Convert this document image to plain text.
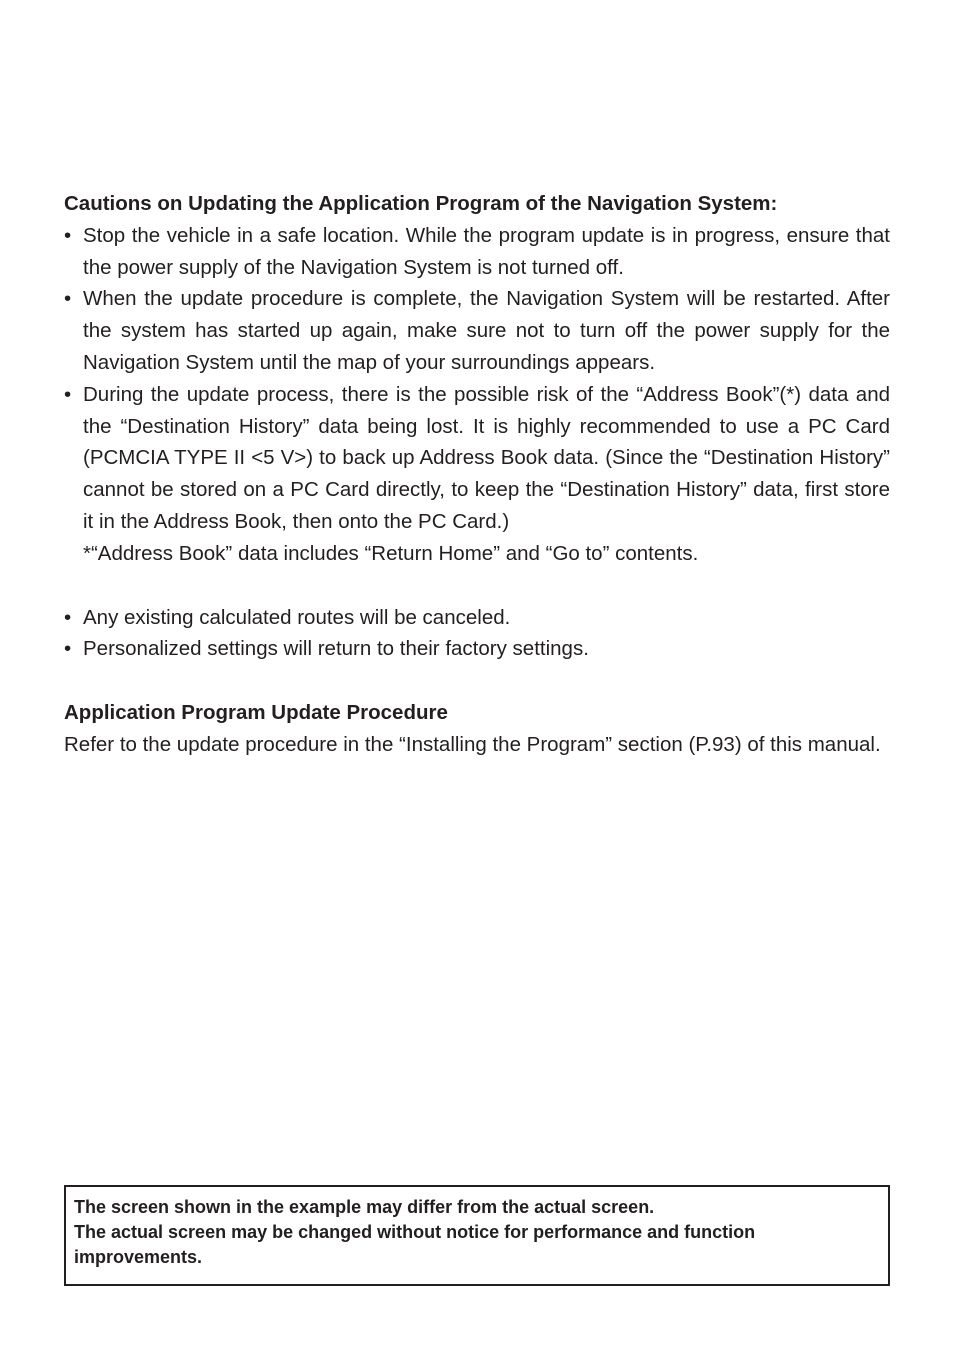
Cautions on Updating the Application Program of the Navigation System:

• Stop the vehicle in a safe location. While the program update is in progress, ensure that the power supply of the Navigation System is not turned off.
• When the update procedure is complete, the Navigation System will be restarted. After the system has started up again, make sure not to turn off the power supply for the Navigation System until the map of your surroundings appears.
• During the update process, there is the possible risk of the “Address Book”(*) data and the “Destination History” data being lost. It is highly recommended to use a PC Card (PCMCIA TYPE II <5 V>) to back up Address Book data. (Since the “Destination History” cannot be stored on a PC Card directly, to keep the “Destination History” data, first store it in the Address Book, then onto the PC Card.)
*“Address Book” data includes “Return Home” and “Go to” contents.
• Any existing calculated routes will be canceled.
• Personalized settings will return to their factory settings.

Application Program Update Procedure

Refer to the update procedure in the “Installing the Program” section (P.93) of this manual.

The screen shown in the example may differ from the actual screen.

The actual screen may be changed without notice for performance and function improvements.
